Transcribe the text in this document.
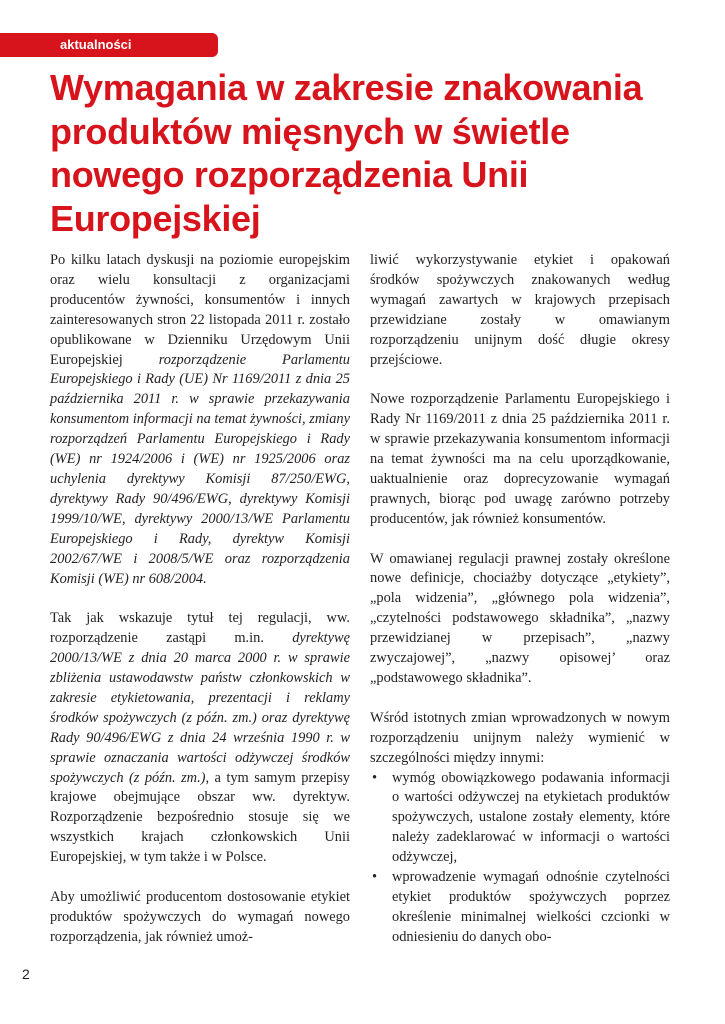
aktualności
Wymagania w zakresie znakowania produktów mięsnych w świetle nowego rozporządzenia Unii Europejskiej

Po kilku latach dyskusji na poziomie europejskim oraz wielu konsultacji z organizacjami producentów żywności, konsumentów i innych zainteresowanych stron 22 listopada 2011 r. zostało opublikowane w Dzienniku Urzędowym Unii Europejskiej rozporządzenie Parlamentu Europejskiego i Rady (UE) Nr 1169/2011 z dnia 25 października 2011 r. w sprawie przekazywania konsumentom informacji na temat żywności, zmiany rozporządzeń Parlamentu Europejskiego i Rady (WE) nr 1924/2006 i (WE) nr 1925/2006 oraz uchylenia dyrektywy Komisji 87/250/EWG, dyrektywy Rady 90/496/EWG, dyrektywy Komisji 1999/10/WE, dyrektywy 2000/13/WE Parlamentu Europejskiego i Rady, dyrektyw Komisji 2002/67/WE i 2008/5/WE oraz rozporządzenia Komisji (WE) nr 608/2004.

Tak jak wskazuje tytuł tej regulacji, ww. rozporządzenie zastąpi m.in. dyrektywę 2000/13/WE z dnia 20 marca 2000 r. w sprawie zbliżenia ustawodawstw państw członkowskich w zakresie etykietowania, prezentacji i reklamy środków spożywczych (z późn. zm.) oraz dyrektywę Rady 90/496/EWG z dnia 24 września 1990 r. w sprawie oznaczania wartości odżywczej środków spożywczych (z późn. zm.), a tym samym przepisy krajowe obejmujące obszar ww. dyrektyw. Rozporządzenie bezpośrednio stosuje się we wszystkich krajach członkowskich Unii Europejskiej, w tym także i w Polsce.

Aby umożliwić producentom dostosowanie etykiet produktów spożywczych do wymagań nowego rozporządzenia, jak również umoż-

liwić wykorzystywanie etykiet i opakowań środków spożywczych znakowanych według wymagań zawartych w krajowych przepisach przewidziane zostały w omawianym rozporządzeniu unijnym dość długie okresy przejściowe.

Nowe rozporządzenie Parlamentu Europejskiego i Rady Nr 1169/2011 z dnia 25 października 2011 r. w sprawie przekazywania konsumentom informacji na temat żywności ma na celu uporządkowanie, uaktualnienie oraz doprecyzowanie wymagań prawnych, biorąc pod uwagę zarówno potrzeby producentów, jak również konsumentów.

W omawianej regulacji prawnej zostały określone nowe definicje, chociażby dotyczące „etykiety”, „pola widzenia”, „głównego pola widzenia”, „czytelności podstawowego składnika”, „nazwy przewidzianej w przepisach”, „nazwy zwyczajowej”, „nazwy opisowej’ oraz „podstawowego składnika”.

Wśród istotnych zmian wprowadzonych w nowym rozporządzeniu unijnym należy wymienić w szczególności między innymi:

• wymóg obowiązkowego podawania informacji o wartości odżywczej na etykietach produktów spożywczych, ustalone zostały elementy, które należy zadeklarować w informacji o wartości odżywczej,
• wprowadzenie wymagań odnośnie czytelności etykiet produktów spożywczych poprzez określenie minimalnej wielkości czcionki w odniesieniu do danych obo-
2
